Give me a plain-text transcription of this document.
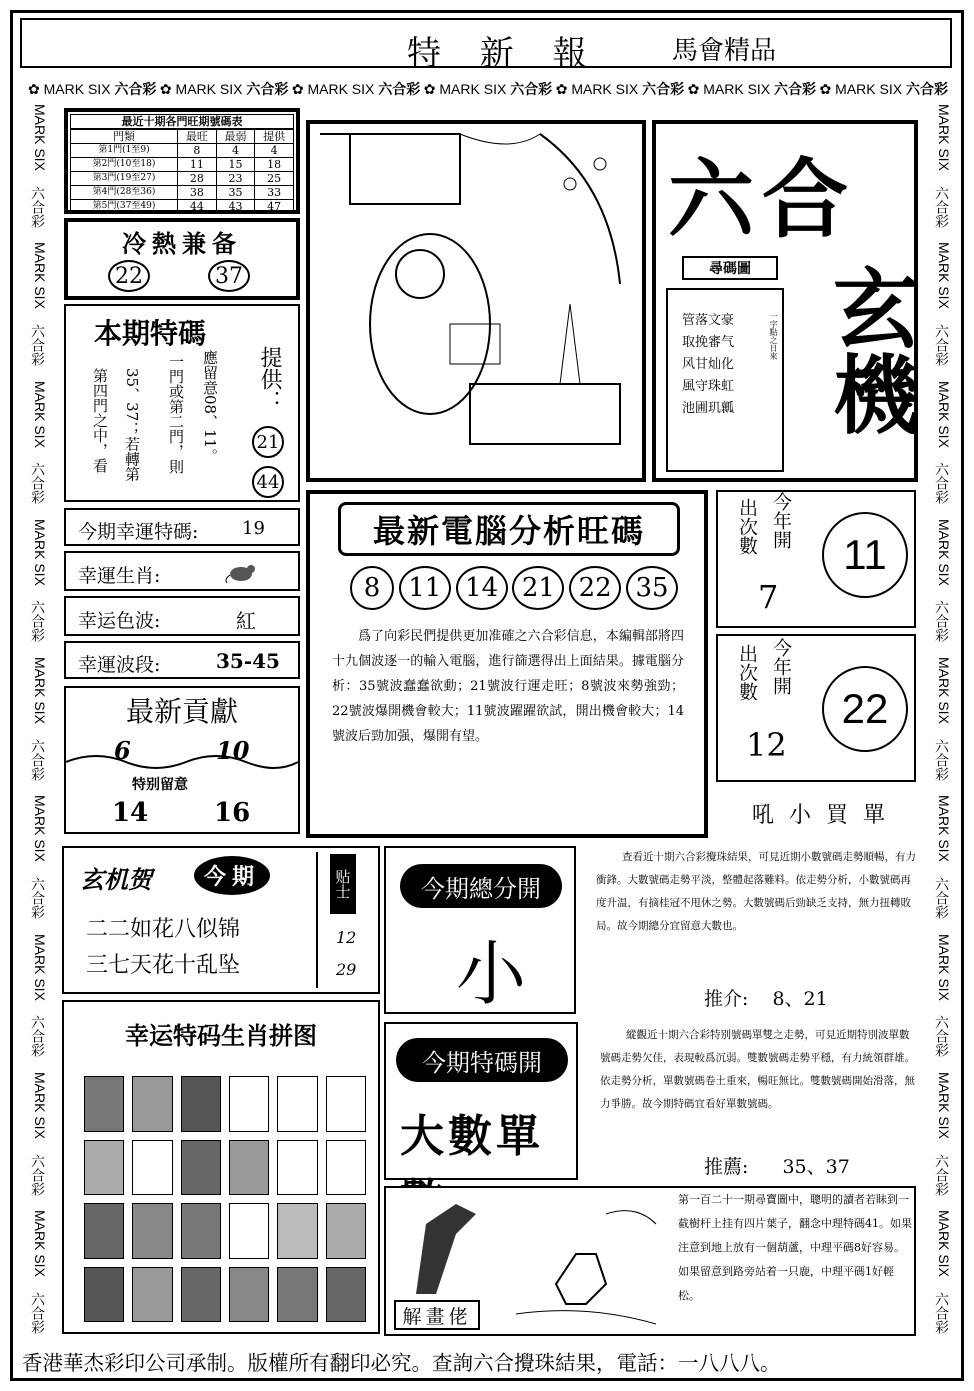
特 新 報	馬會精品
✿ MARK SIX 六合彩 ✿ MARK SIX 六合彩 ✿ MARK SIX 六合彩 ✿ MARK SIX 六合彩 ✿ MARK SIX 六合彩 ✿ MARK SIX 六合彩 ✿ MARK SIX 六合彩
MARK SIX
六合彩
MARK SIX
六合彩
MARK SIX
六合彩
MARK SIX
六合彩
MARK SIX
六合彩
MARK SIX
六合彩
MARK SIX
六合彩
MARK SIX
六合彩
MARK SIX
六合彩
MARK SIX
六合彩
MARK SIX
六合彩
MARK SIX
六合彩
MARK SIX
六合彩
MARK SIX
六合彩
MARK SIX
六合彩
MARK SIX
六合彩
MARK SIX
六合彩
MARK SIX
六合彩
最近十期各門旺期號碼表
門類	最旺	最弱	提供
第1門(1至9)	8	4	4
第2門(10至18)	11	15	18
第3門(19至27)	28	23	25
第4門(28至36)	38	35	33
第5門(37至49)	44	43	47
冷熱兼备
22	37
本期特碼
第四門之中，看 35、37；若轉第 一門或第二門，則 應留意08、11。 提供：
21
44
今期幸運特碼: 19
幸運生肖:
幸运色波:	紅
幸運波段:	35-45
最新貢獻
6	10
特别留意
14	16
玄机贺	今期
二二如花八似锦
三七天花十乱坠
贴士
12
29
幸运特码生肖拼图
六合
玄機
尋碼圖
管落文豪
取挽審气
风甘灿化
風守珠虹
池圃玑瓤
一字點之日來
最新電腦分析旺碼
8	11 14 21 22 35
爲了向彩民們提供更加准確之六合彩信息，本編輯部將四十九個波逐一的輸入電腦，進行篩選得出上面結果。據電腦分析：35號波蠢蠢欲動；21號波行運走旺；8號波來勢強勁；22號波爆開機會較大；11號波躍躍欲試，開出機會較大；14號波后勁加强，爆開有望。
出次數 今年開
7
11
出次數 今年開
12
22
今期總分開
小
吼 小 買 單
查看近十期六合彩攪珠結果，可見近期小數號碼走勢順暢，有力衝鋒。大數號碼走勢平淡，整體起落難料。依走勢分析，小數號碼再度升温，有摘桂冠不甩休之勢。大數號碼后勁缺乏支持，無力扭轉敗局。故今期總分宜留意大數也。
推介: 8、21
今期特碼開
大數單
縱觀近十期六合彩特别號碼單雙之走勢，可見近期特別波單數號碼走勢欠佳，表現較爲沉弱。雙數號碼走勢平穩，有力統領群雄。依走勢分析，單數號碼卷土重來，暢旺無比。雙數號碼開始滑落，無力爭勝。故今期特碼宜看好單數號碼。
推薦: 35、37
解畫佬
第一百二十一期尋寶圖中，聰明的讀者若眛到一截樹杆上挂有四片葉子，翻念中理特碼41。如果注意到地上放有一個葫蘆，中理平碼8好容易。如果留意到路旁站着一只鹿，中理平碼1好輕松。
香港華杰彩印公司承制。版權所有翻印必究。查詢六合攪珠結果，電話：一八八八。
